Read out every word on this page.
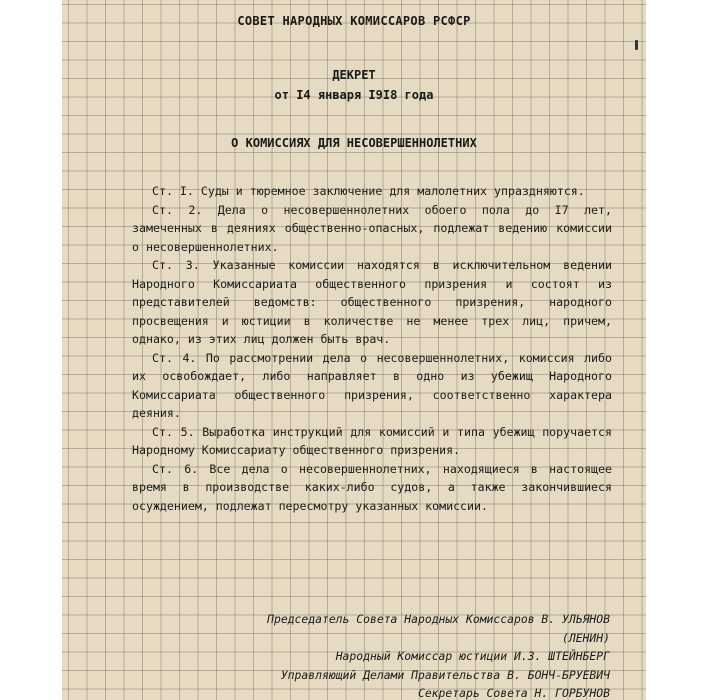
СОВЕТ НАРОДНЫХ КОМИССАРОВ РСФСР
ДЕКРЕТ
от I4 января I9I8 года
О КОМИССИЯХ ДЛЯ НЕСОВЕРШЕННОЛЕТНИХ

Ст. I. Суды и тюремное заключение для малолетних упраздняются.

Ст. 2. Дела о несовершеннолетних обоего пола до I7 лет, замеченных в деяниях общественно-опасных, подлежат ведению комиссии о несовершеннолетних.

Ст. 3. Указанные комиссии находятся в исключительном ведении Народного Комиссариата общественного призрения и состоят из представителей ведомств: общественного призрения, народного просвещения и юстиции в количестве не менее трех лиц, причем, однако, из этих лиц должен быть врач.

Ст. 4. По рассмотрении дела о несовершеннолетних, комиссия либо их освобождает, либо направляет в одно из убежищ Народного Комиссариата общественного призрения, соответственно характера деяния.

Ст. 5. Выработка инструкций для комиссий и типа убежищ поручается Народному Комиссариату общественного призрения.

Ст. 6. Все дела о несовершеннолетних, находящиеся в настоящее время в производстве каких-либо судов, а также закончившиеся осуждением, подлежат пересмотру указанных комиссии.

Председатель Совета Народных Комиссаров В. УЛЬЯНОВ
(ЛЕНИН)
Народный Комиссар юстиции И.З. ШТЕЙНБЕРГ
Управляющий Делами Правительства В. БОНЧ-БРУЕВИЧ
Секретарь Совета Н. ГОРБУНОВ
